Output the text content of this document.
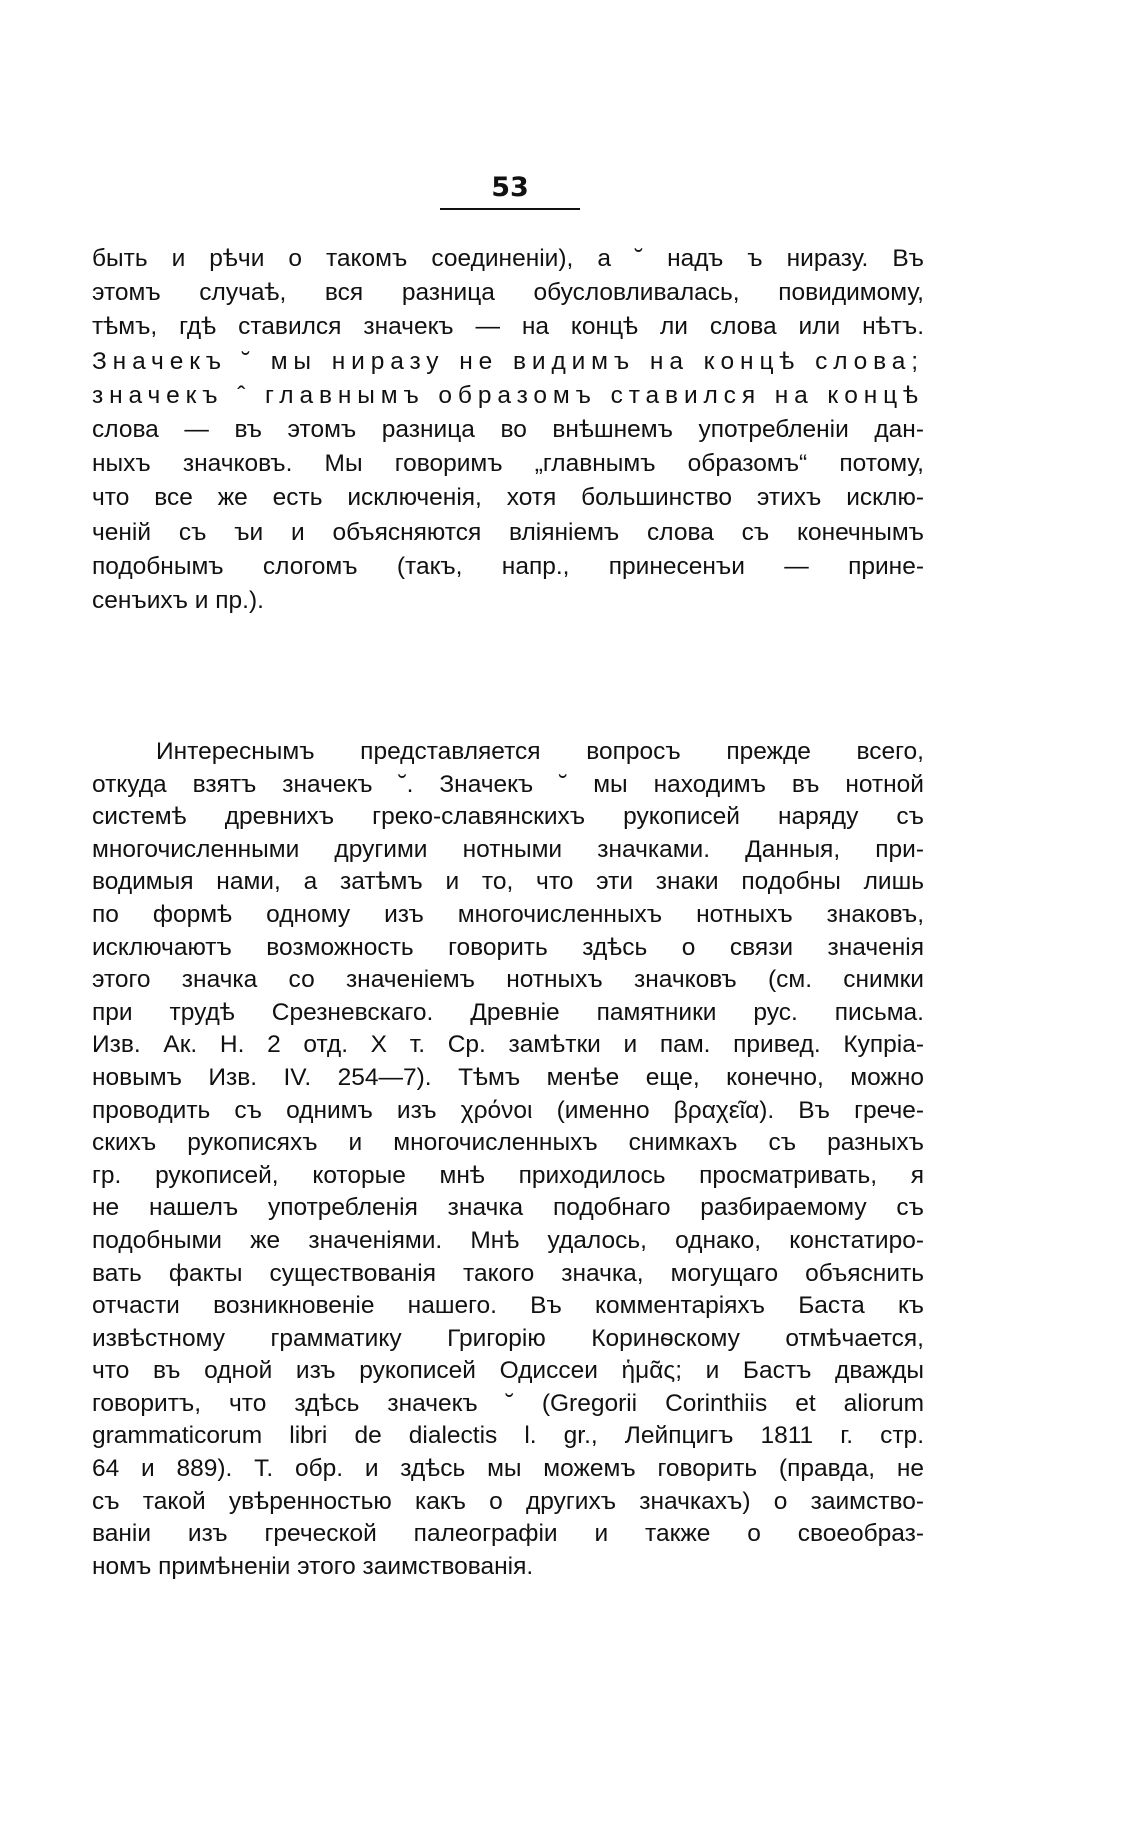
53
быть и рѣчи о такомъ соединеніи), а ˘ надъ ъ ниразу. Въ
этомъ случаѣ, вся разница обусловливалась, повидимому,
тѣмъ, гдѣ ставился значекъ — на концѣ ли слова или нѣтъ.
Значекъ ˘ мы ниразу не видимъ на концѣ слова;
значекъ ˆ главнымъ образомъ ставился на концѣ
слова — въ этомъ разница во внѣшнемъ употребленіи дан-
ныхъ значковъ. Мы говоримъ „главнымъ образомъ“ потому,
что все же есть исключенія, хотя большинство этихъ исклю-
ченій съ ъи и объясняются вліяніемъ слова съ конечнымъ
подобнымъ слогомъ (такъ, напр., принесенъи — прине-
сенъихъ и пр.).
Интереснымъ представляется вопросъ прежде всего,
откуда взятъ значекъ ˘. Значекъ ˘ мы находимъ въ нотной
системѣ древнихъ греко-славянскихъ рукописей наряду съ
многочисленными другими нотными значками. Данныя, при-
водимыя нами, а затѣмъ и то, что эти знаки подобны лишь
по формѣ одному изъ многочисленныхъ нотныхъ знаковъ,
исключаютъ возможность говорить здѣсь о связи значенія
этого значка со значеніемъ нотныхъ значковъ (см. снимки
при трудѣ Срезневскаго. Древніе памятники рус. письма.
Изв. Ак. Н. 2 отд. X т. Ср. замѣтки и пам. привед. Купріа-
новымъ Изв. IV. 254—7). Тѣмъ менѣе еще, конечно, можно
проводить съ однимъ изъ χρόνοι (именно βραχεῖα). Въ грече-
скихъ рукописяхъ и многочисленныхъ снимкахъ съ разныхъ
гр. рукописей, которые мнѣ приходилось просматривать, я
не нашелъ употребленія значка подобнаго разбираемому съ
подобными же значеніями. Мнѣ удалось, однако, констатиро-
вать факты существованія такого значка, могущаго объяснить
отчасти возникновеніе нашего. Въ комментаріяхъ Баста къ
извѣстному грамматику Григорію Коринѳскому отмѣчается,
что въ одной изъ рукописей Одиссеи ἡμᾶς; и Бастъ дважды
говоритъ, что здѣсь значекъ ˘ (Gregorii Corinthiis et aliorum
grammaticorum libri de dialectis l. gr., Лейпцигъ 1811 г. стр.
64 и 889). Т. обр. и здѣсь мы можемъ говорить (правда, не
съ такой увѣренностью какъ о другихъ значкахъ) о заимство-
ваніи изъ греческой палеографіи и также о своеобраз-
номъ примѣненіи этого заимствованія.
